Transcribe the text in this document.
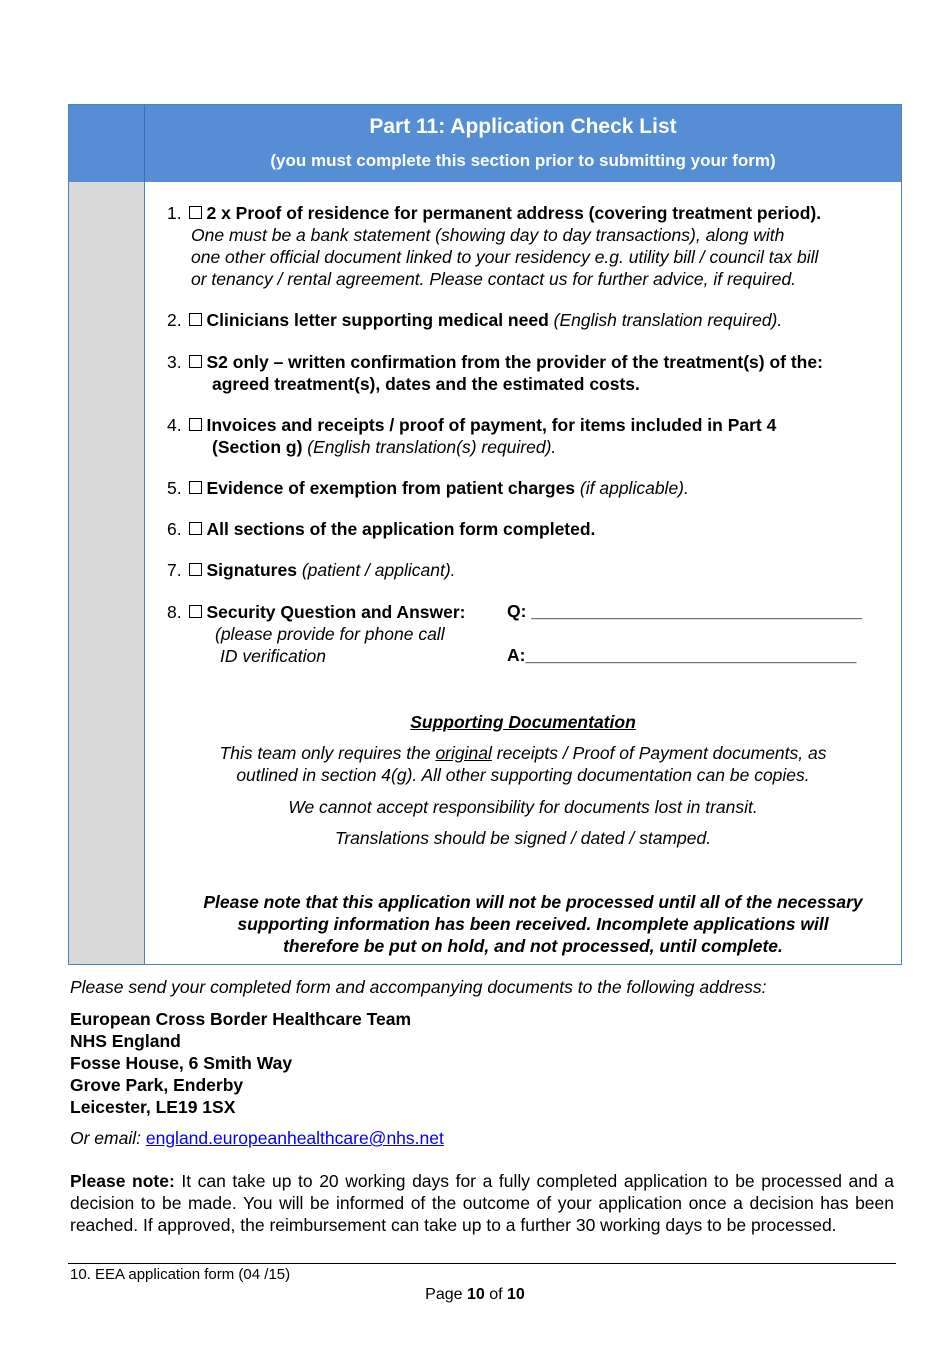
Part 11: Application Check List
(you must complete this section prior to submitting your form)
1. 2 x Proof of residence for permanent address (covering treatment period).
One must be a bank statement (showing day to day transactions), along with
one other official document linked to your residency e.g. utility bill / council tax bill
or tenancy / rental agreement. Please contact us for further advice, if required.
2. Clinicians letter supporting medical need (English translation required).
3. S2 only – written confirmation from the provider of the treatment(s) of the:
agreed treatment(s), dates and the estimated costs.
4. Invoices and receipts / proof of payment, for items included in Part 4
(Section g) (English translation(s) required).
5. Evidence of exemption from patient charges (if applicable).
6. All sections of the application form completed.
7. Signatures (patient / applicant).
8. Security Question and Answer:
(please provide for phone call
ID verification
Q: __________________________________
A:__________________________________
Supporting Documentation
This team only requires the original receipts / Proof of Payment documents, as
outlined in section 4(g). All other supporting documentation can be copies.
We cannot accept responsibility for documents lost in transit.
Translations should be signed / dated / stamped.
Please note that this application will not be processed until all of the necessary
supporting information has been received. Incomplete applications will
therefore be put on hold, and not processed, until complete.
Please send your completed form and accompanying documents to the following address:
European Cross Border Healthcare Team
NHS England
Fosse House, 6 Smith Way
Grove Park, Enderby
Leicester, LE19 1SX
Or email: england.europeanhealthcare@nhs.net
Please note: It can take up to 20 working days for a fully completed application to be processed and a decision to be made. You will be informed of the outcome of your application once a decision has been reached. If approved, the reimbursement can take up to a further 30 working days to be processed.
10. EEA application form (04 /15)
Page 10 of 10
